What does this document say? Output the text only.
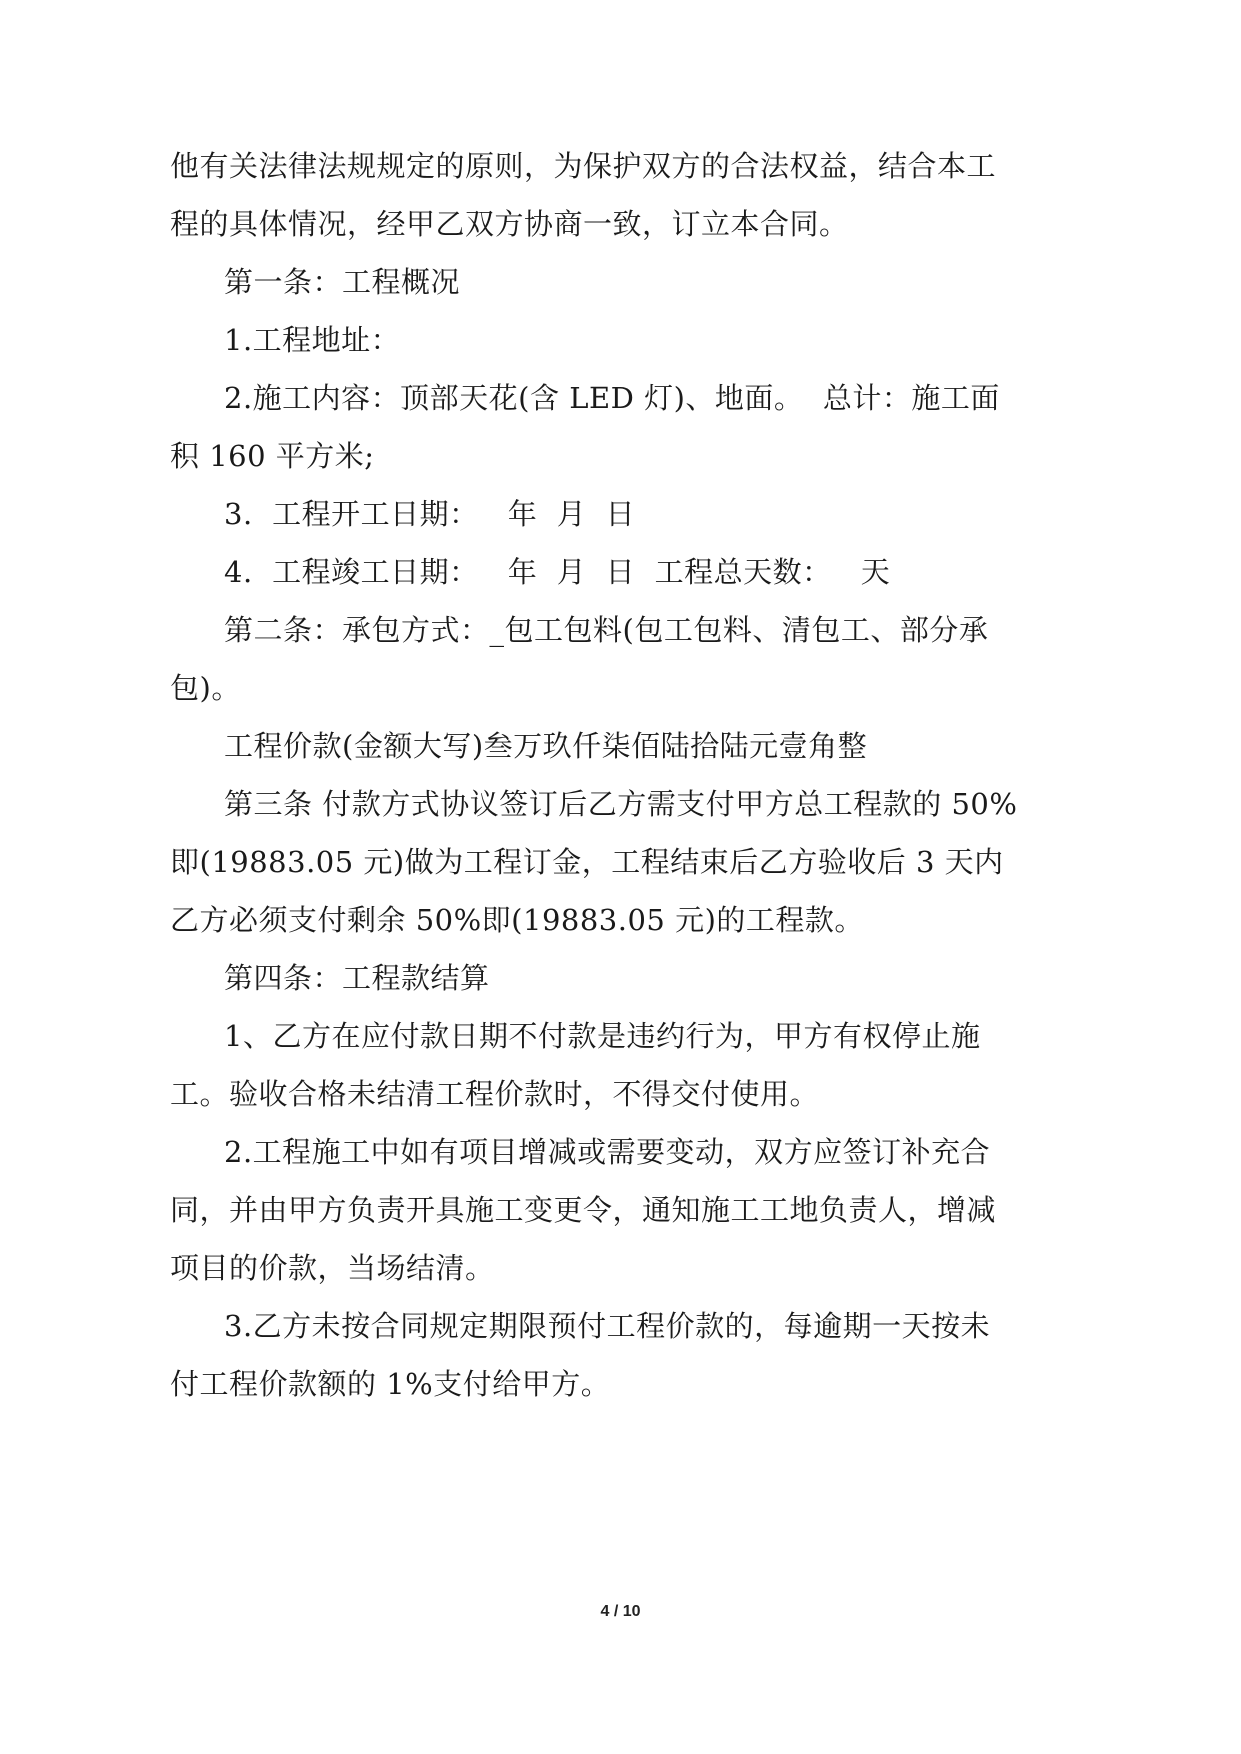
他有关法律法规规定的原则，为保护双方的合法权益，结合本工
程的具体情况，经甲乙双方协商一致，订立本合同。
第一条：工程概况
1.工程地址：
2.施工内容：顶部天花(含 LED 灯)、地面。  总计：施工面
积 160 平方米;
3.  工程开工日期：   年  月  日
4.  工程竣工日期：   年  月  日  工程总天数：   天
第二条：承包方式：_包工包料(包工包料、清包工、部分承
包)。
工程价款(金额大写)叁万玖仟柒佰陆拾陆元壹角整
第三条 付款方式协议签订后乙方需支付甲方总工程款的 50%
即(19883.05 元)做为工程订金，工程结束后乙方验收后 3 天内
乙方必须支付剩余 50%即(19883.05 元)的工程款。
第四条：工程款结算
1、乙方在应付款日期不付款是违约行为，甲方有权停止施
工。验收合格未结清工程价款时，不得交付使用。
2.工程施工中如有项目增减或需要变动，双方应签订补充合
同，并由甲方负责开具施工变更令，通知施工工地负责人，增减
项目的价款，当场结清。
3.乙方未按合同规定期限预付工程价款的，每逾期一天按未
付工程价款额的 1%支付给甲方。
4 / 10
